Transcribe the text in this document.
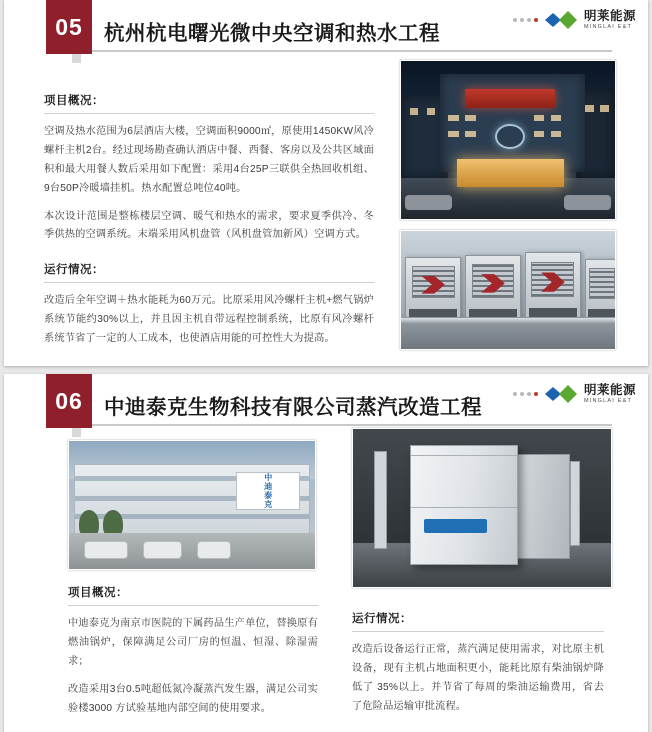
05	杭州杭电曙光微中央空调和热水工程
明莱能源
MINGLAI E&T
项目概况：

空调及热水范围为6层酒店大楼，空调面积9000㎡，原使用1450KW风冷螺杆主机2台。经过现场勘查确认酒店中餐、西餐、客房以及公共区域面积和最大用餐人数后采用如下配置：采用4台25P三联供全热回收机组、9台50P冷暖墙挂机。热水配置总吨位40吨。

本次设计范围是整栋楼层空调、暖气和热水的需求，要求夏季供冷、冬季供热的空调系统。末端采用风机盘管（风机盘管加新风）空调方式。

运行情况：

改造后全年空调＋热水能耗为60万元。比原采用风冷螺杆主机+燃气锅炉系统节能约30%以上，并且因主机自带远程控制系统，比原有风冷螺杆系统节省了一定的人工成本，也使酒店用能的可控性大为提高。

06	中迪泰克生物科技有限公司蒸汽改造工程
明莱能源
MINGLAI E&T
中迪泰克
项目概况：

中迪泰克为南京市医院的下属药品生产单位，替换原有燃油锅炉，保障满足公司厂房的恒温、恒湿、除湿需求；

改造采用3台0.5吨超低氮冷凝蒸汽发生器，满足公司实验楼3000 方试验基地内部空间的使用要求。

运行情况：

改造后设备运行正常，蒸汽满足使用需求，对比原主机设备，现有主机占地面积更小，能耗比原有柴油锅炉降低了 35%以上。并节省了每周的柴油运输费用，省去了危险品运输审批流程。
